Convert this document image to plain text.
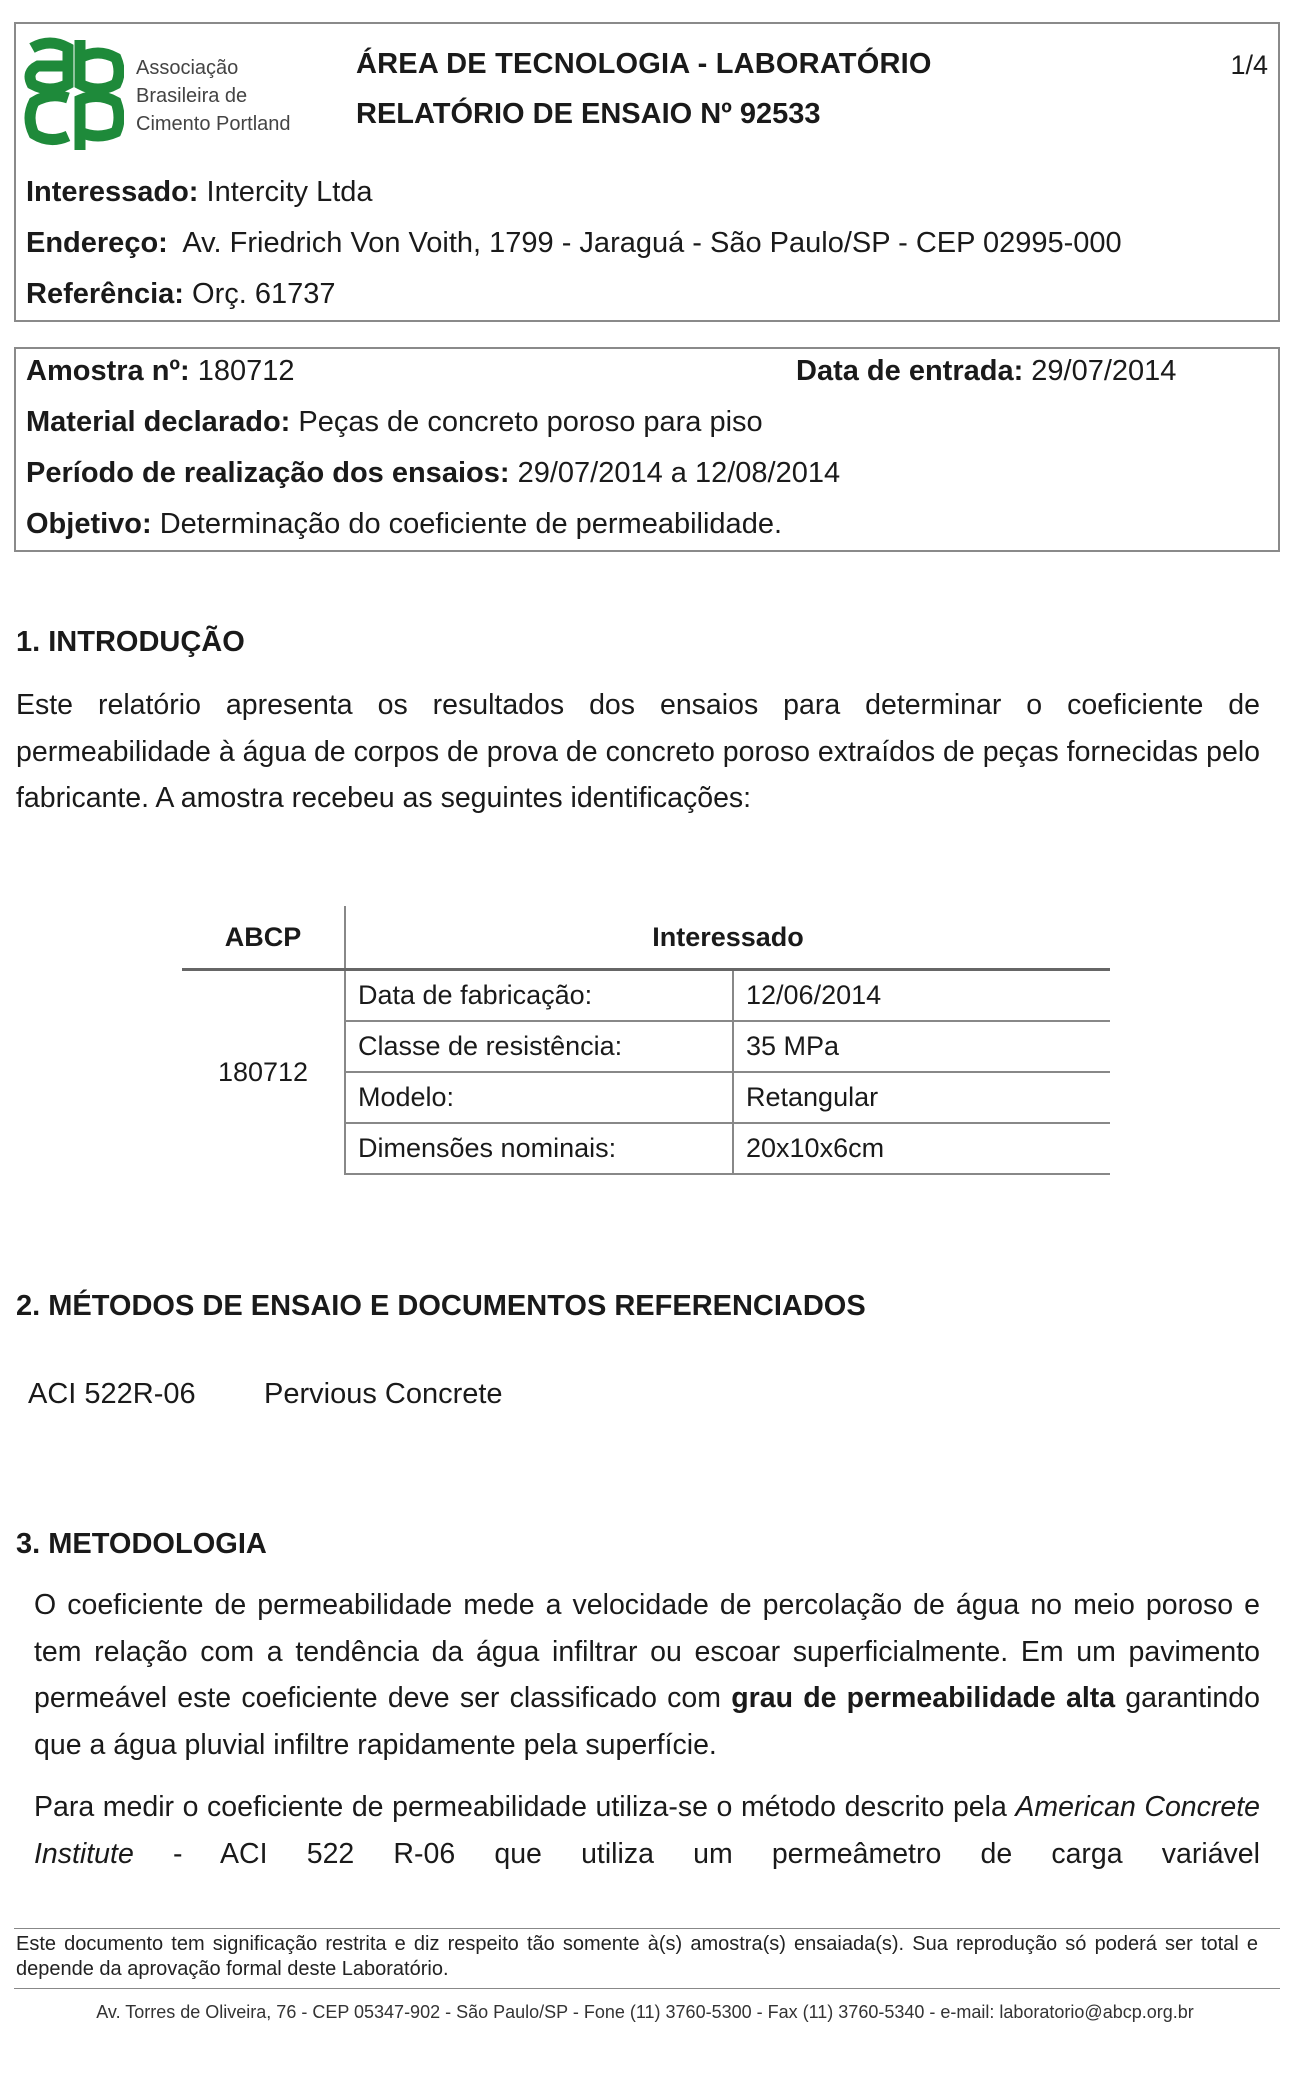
Associação
Brasileira de
Cimento Portland
ÁREA DE TECNOLOGIA - LABORATÓRIO
RELATÓRIO DE ENSAIO Nº 92533
1/4
Interessado: Intercity Ltda
Endereço: Av. Friedrich Von Voith, 1799 - Jaraguá - São Paulo/SP - CEP 02995-000
Referência: Orç. 61737
Amostra nº: 180712	Data de entrada: 29/07/2014
Material declarado: Peças de concreto poroso para piso
Período de realização dos ensaios: 29/07/2014 a 12/08/2014
Objetivo: Determinação do coeficiente de permeabilidade.
1. INTRODUÇÃO
Este relatório apresenta os resultados dos ensaios para determinar o coeficiente de permeabilidade à água de corpos de prova de concreto poroso extraídos de peças fornecidas pelo fabricante. A amostra recebeu as seguintes identificações:
ABCP	Interessado	
180712	Data de fabricação:	12/06/2014
	Classe de resistência:	35 MPa
	Modelo:	Retangular
	Dimensões nominais:	20x10x6cm
2. MÉTODOS DE ENSAIO E DOCUMENTOS REFERENCIADOS
ACI 522R-06 Pervious Concrete
3. METODOLOGIA
O coeficiente de permeabilidade mede a velocidade de percolação de água no meio poroso e tem relação com a tendência da água infiltrar ou escoar superficialmente. Em um pavimento permeável este coeficiente deve ser classificado com grau de permeabilidade alta garantindo que a água pluvial infiltre rapidamente pela superfície.
Para medir o coeficiente de permeabilidade utiliza-se o método descrito pela American Concrete Institute - ACI 522 R-06 que utiliza um permeâmetro de carga variável
Este documento tem significação restrita e diz respeito tão somente à(s) amostra(s) ensaiada(s). Sua reprodução só poderá ser total e depende da aprovação formal deste Laboratório.
Av. Torres de Oliveira, 76 - CEP 05347-902 - São Paulo/SP - Fone (11) 3760-5300 - Fax (11) 3760-5340 - e-mail: laboratorio@abcp.org.br
